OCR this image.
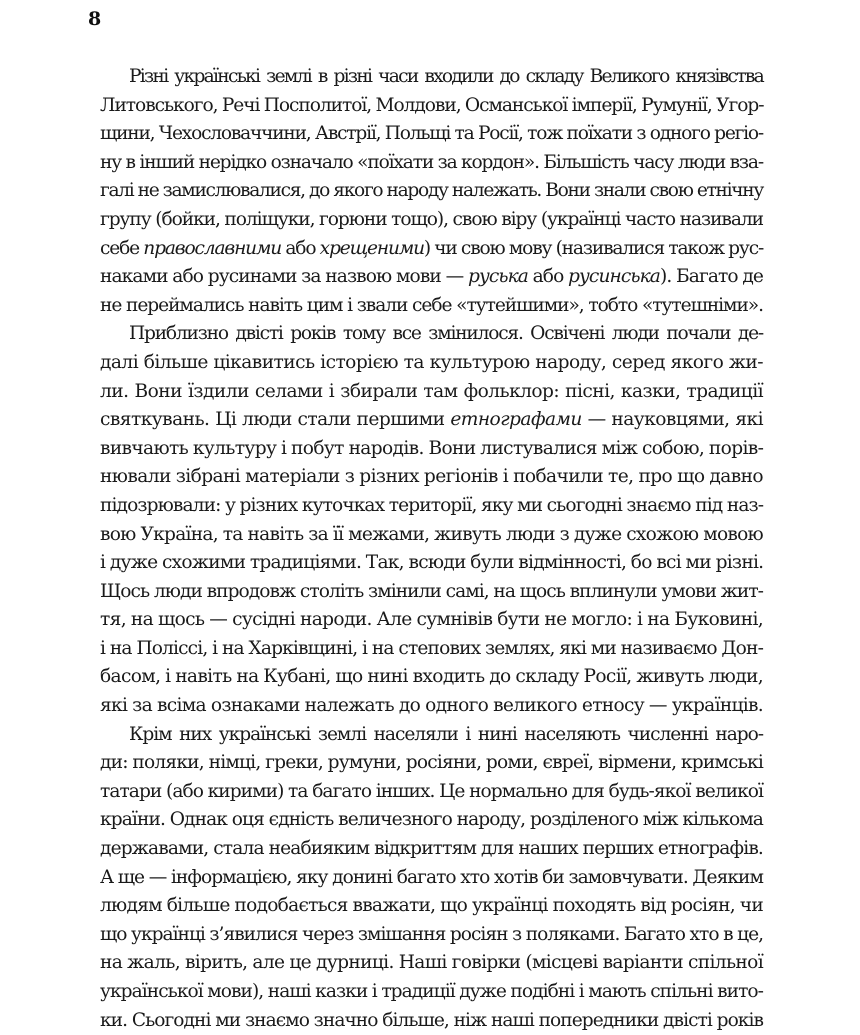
8

Різні українські землі в різні часи входили до складу Великого князівства
Литовського, Речі Посполитої, Молдови, Османської імперії, Румунії, Угор-
щини, Чехословаччини, Австрії, Польщі та Росії, тож поїхати з одного регіо-
ну в інший нерідко означало «поїхати за кордон». Більшість часу люди вза-
галі не замислювалися, до якого народу належать. Вони знали свою етнічну
групу (бойки, поліщуки, горюни тощо), свою віру (українці часто називали
себе православними або хрещеними) чи свою мову (називалися також рус-
наками або русинами за назвою мови — руська або русинська). Багато де
не переймались навіть цим і звали себе «тутейшими», тобто «тутешніми».

Приблизно двісті років тому все змінилося. Освічені люди почали де-
далі більше цікавитись історією та культурою народу, серед якого жи-
ли. Вони їздили селами і збирали там фольклор: пісні, казки, традиції
святкувань. Ці люди стали першими етнографами — науковцями, які
вивчають культуру і побут народів. Вони листувалися між собою, порів-
нювали зібрані матеріали з різних регіонів і побачили те, про що давно
підозрювали: у різних куточках території, яку ми сьогодні знаємо під наз-
вою Україна, та навіть за її межами, живуть люди з дуже схожою мовою
і дуже схожими традиціями. Так, всюди були відмінності, бо всі ми різні.
Щось люди впродовж століть змінили самі, на щось вплинули умови жит-
тя, на щось — сусідні народи. Але сумнівів бути не могло: і на Буковині,
і на Поліссі, і на Харківщині, і на степових землях, які ми називаємо Дон-
басом, і навіть на Кубані, що нині входить до складу Росії, живуть люди,
які за всіма ознаками належать до одного великого етносу — українців.

Крім них українські землі населяли і нині населяють численні наро-
ди: поляки, німці, греки, румуни, росіяни, роми, євреї, вірмени, кримські
татари (або кирими) та багато інших. Це нормально для будь-якої великої
країни. Однак оця єдність величезного народу, розділеного між кількома
державами, стала неабияким відкриттям для наших перших етнографів.
А ще — інформацією, яку донині багато хто хотів би замовчувати. Деяким
людям більше подобається вважати, що українці походять від росіян, чи
що українці з’явилися через змішання росіян з поляками. Багато хто в це,
на жаль, вірить, але це дурниці. Наші говірки (місцеві варіанти спільної
української мови), наші казки і традиції дуже подібні і мають спільні вито-
ки. Сьогодні ми знаємо значно більше, ніж наші попередники двісті років
